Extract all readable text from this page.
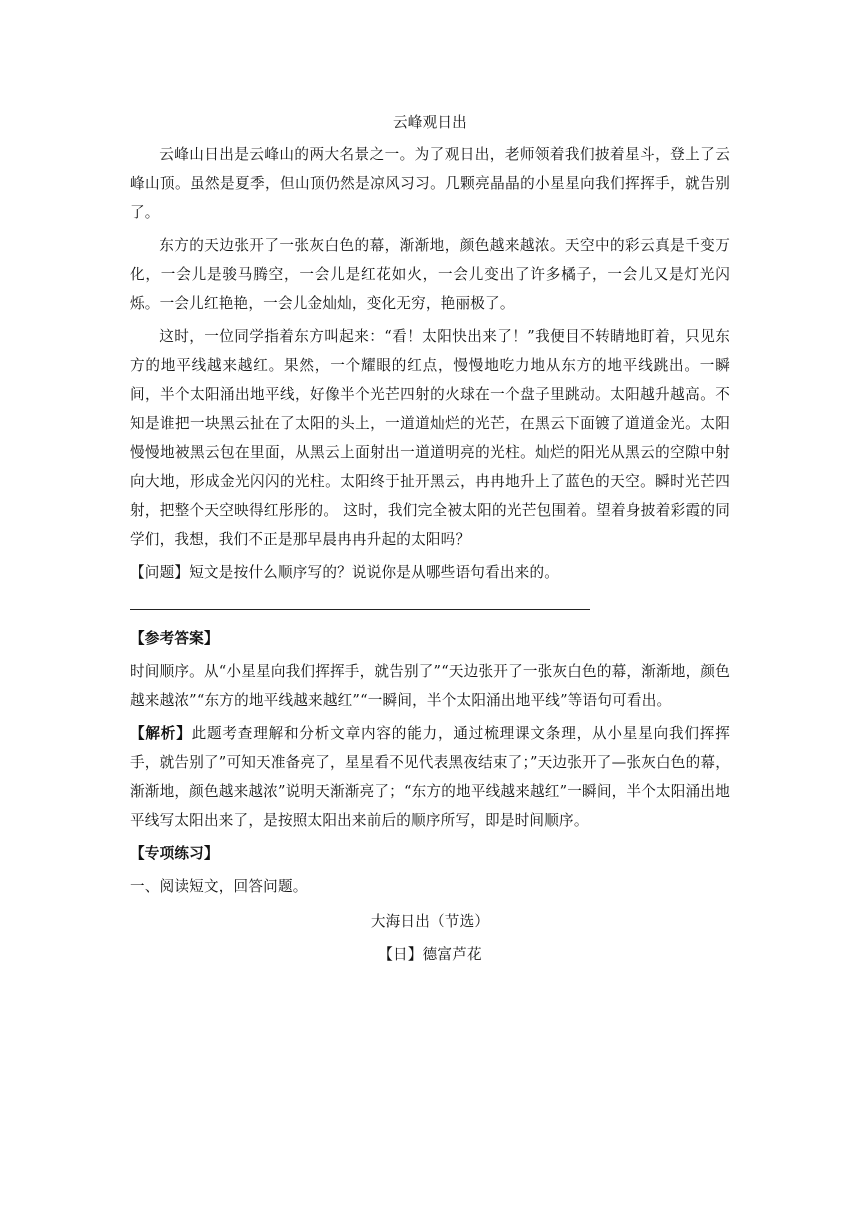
云峰观日出

云峰山日出是云峰山的两大名景之一。为了观日出，老师领着我们披着星斗，登上了云峰山顶。虽然是夏季，但山顶仍然是凉风习习。几颗亮晶晶的小星星向我们挥挥手，就告别了。

东方的天边张开了一张灰白色的幕，渐渐地，颜色越来越浓。天空中的彩云真是千变万化，一会儿是骏马腾空，一会儿是红花如火，一会儿变出了许多橘子，一会儿又是灯光闪烁。一会儿红艳艳，一会儿金灿灿，变化无穷，艳丽极了。

这时，一位同学指着东方叫起来：“看！太阳快出来了！”我便目不转睛地盯着，只见东方的地平线越来越红。果然，一个耀眼的红点，慢慢地吃力地从东方的地平线跳出。一瞬间，半个太阳涌出地平线，好像半个光芒四射的火球在一个盘子里跳动。太阳越升越高。不知是谁把一块黑云扯在了太阳的头上，一道道灿烂的光芒，在黑云下面镀了道道金光。太阳慢慢地被黑云包在里面，从黑云上面射出一道道明亮的光柱。灿烂的阳光从黑云的空隙中射向大地，形成金光闪闪的光柱。太阳终于扯开黑云，冉冉地升上了蓝色的天空。瞬时光芒四射，把整个天空映得红彤彤的。 这时，我们完全被太阳的光芒包围着。望着身披着彩霞的同学们，我想，我们不正是那早晨冉冉升起的太阳吗？

【问题】短文是按什么顺序写的？说说你是从哪些语句看出来的。

【参考答案】

时间顺序。从“小星星向我们挥挥手，就告别了”“天边张开了一张灰白色的幕，渐渐地，颜色越来越浓”“东方的地平线越来越红”“一瞬间，半个太阳涌出地平线”等语句可看出。

【解析】此题考查理解和分析文章内容的能力，通过梳理课文条理，从小星星向我们挥挥手，就告别了”可知天准备亮了，星星看不见代表黑夜结束了；”天边张开了—张灰白色的幕，渐渐地，颜色越来越浓”说明天渐渐亮了；“东方的地平线越来越红”一瞬间，半个太阳涌出地平线写太阳出来了，是按照太阳出来前后的顺序所写，即是时间顺序。

【专项练习】

一、阅读短文，回答问题。

大海日出（节选）

【日】德富芦花
